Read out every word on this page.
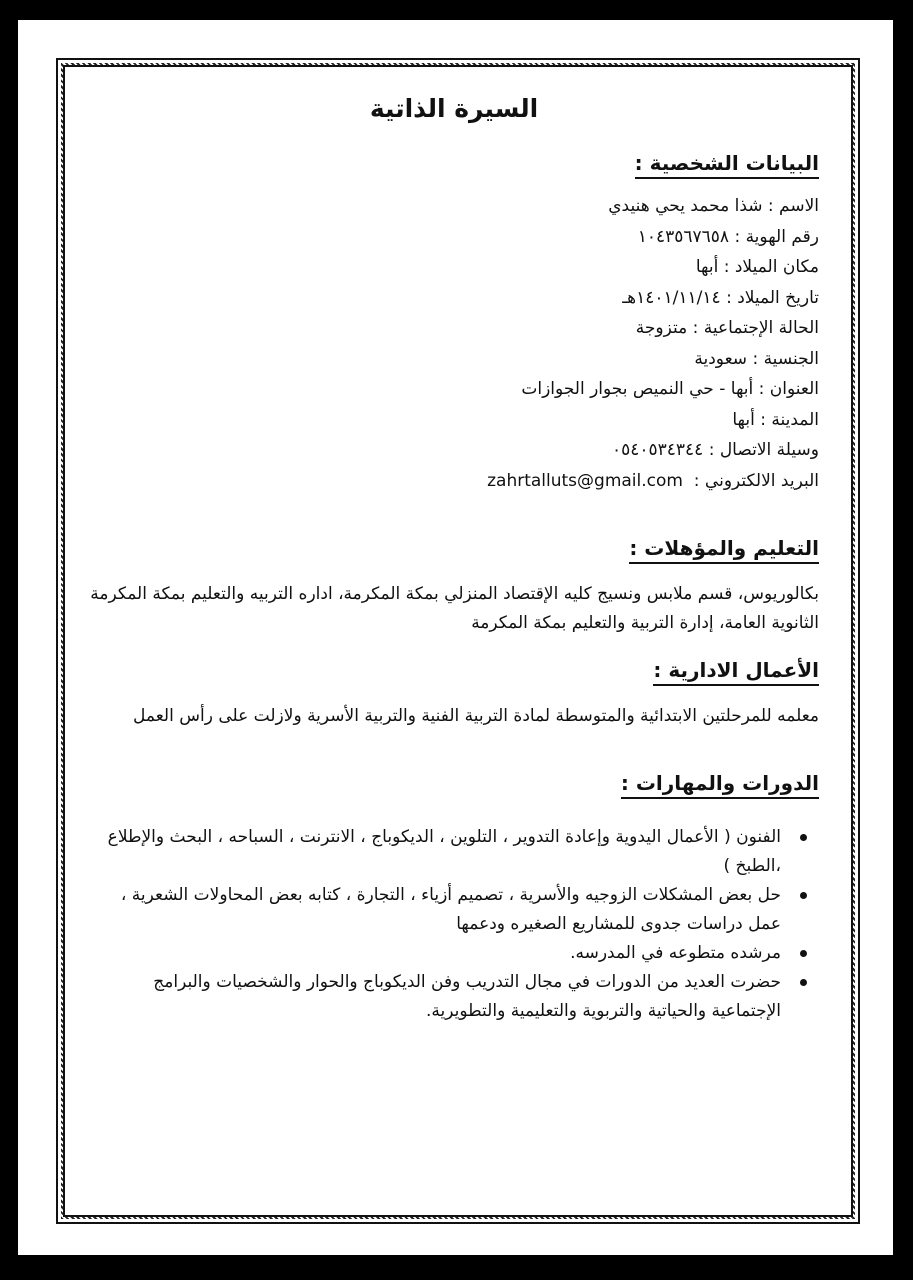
السيرة الذاتية
البيانات الشخصية :
الاسم : شذا محمد يحي هنيدي
رقم الهوية : ١٠٤٣٥٦٧٦٥٨
مكان الميلاد : أبها
تاريخ الميلاد : ١٤٠١/١١/١٤هـ
الحالة الإجتماعية : متزوجة
الجنسية : سعودية
العنوان : أبها - حي النميص بجوار الجوازات
المدينة : أبها
وسيلة الاتصال : ٠٥٤٠٥٣٤٣٤٤
البريد الالكتروني :  zahrtalluts@gmail.com
التعليم والمؤهلات :
بكالوريوس، قسم ملابس ونسيج كليه الإقتصاد المنزلي بمكة المكرمة، اداره التربيه والتعليم بمكة المكرمة
الثانوية العامة، إدارة التربية والتعليم بمكة المكرمة
الأعمال الادارية :
معلمه للمرحلتين الابتدائية والمتوسطة لمادة التربية الفنية والتربية الأسرية ولازلت على رأس العمل
الدورات والمهارات :
الفنون ( الأعمال اليدوية وإعادة التدوير ، التلوين ، الديكوباج ، الانترنت ، السباحه ، البحث والإطلاع ،الطبخ )
حل بعض المشكلات الزوجيه والأسرية ، تصميم أزياء ، التجارة ، كتابه بعض المحاولات الشعرية ، عمل دراسات جدوى للمشاريع الصغيره ودعمها
مرشده متطوعه في المدرسه.
حضرت العديد من الدورات في مجال التدريب وفن الديكوباج والحوار والشخصيات والبرامج الإجتماعية والحياتية والتربوية والتعليمية والتطويرية.
